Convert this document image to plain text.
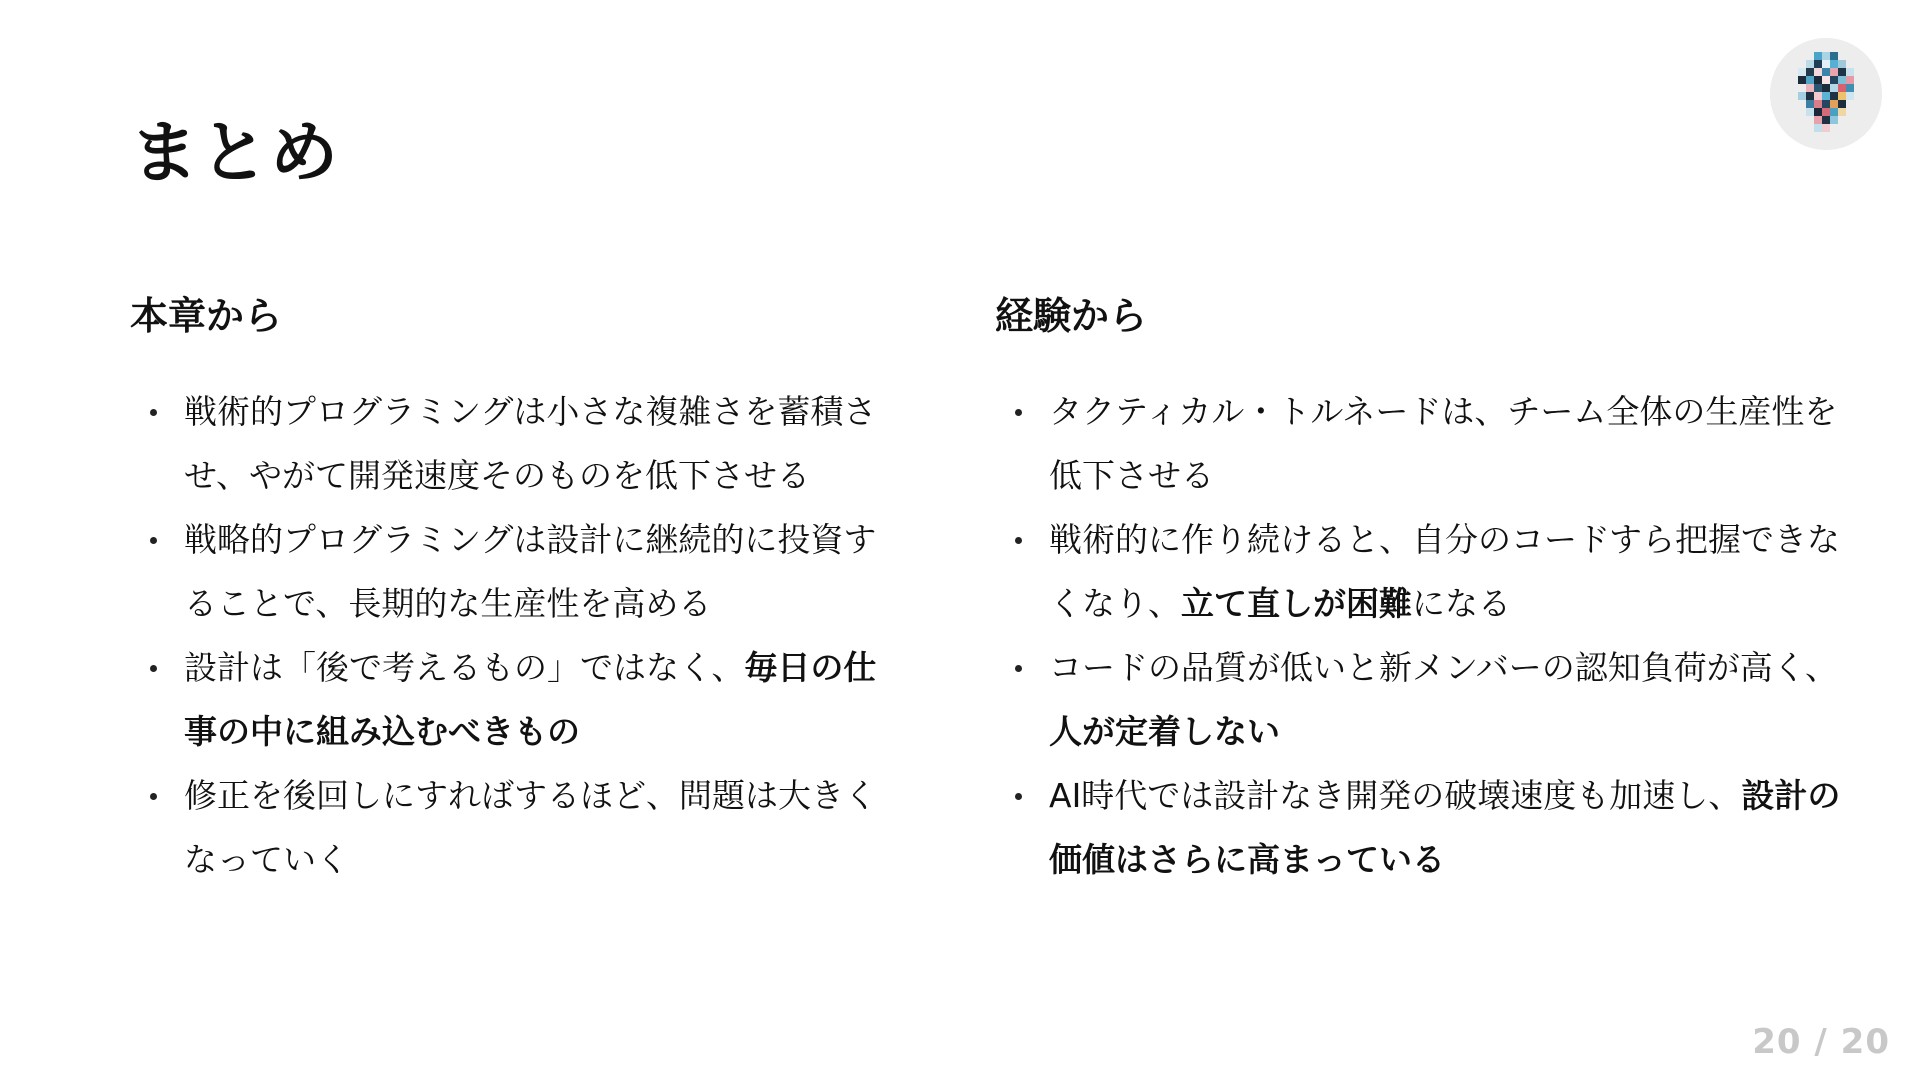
まとめ
本章から
戦術的プログラミングは小さな複雑さを蓄積させ、やがて開発速度そのものを低下させる
戦略的プログラミングは設計に継続的に投資することで、長期的な生産性を高める
設計は「後で考えるもの」ではなく、毎日の仕事の中に組み込むべきもの
修正を後回しにすればするほど、問題は大きくなっていく
経験から
タクティカル・トルネードは、チーム全体の生産性を低下させる
戦術的に作り続けると、自分のコードすら把握できなくなり、立て直しが困難になる
コードの品質が低いと新メンバーの認知負荷が高く、人が定着しない
AI時代では設計なき開発の破壊速度も加速し、設計の価値はさらに高まっている
20 / 20
